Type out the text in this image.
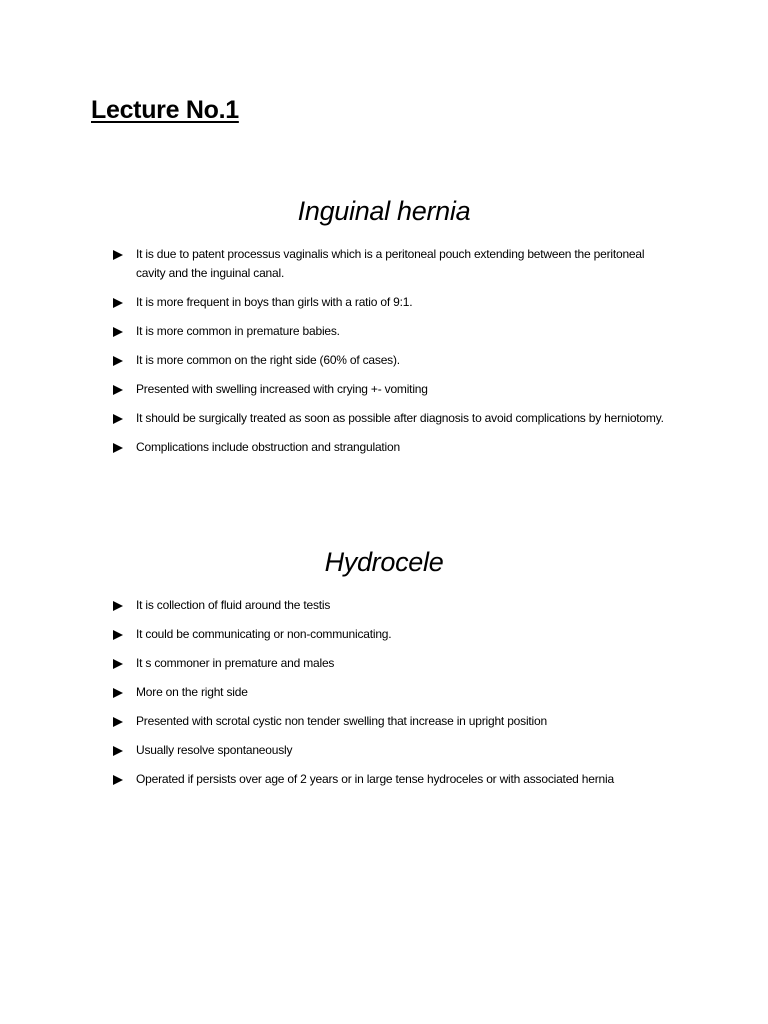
Lecture No.1
Inguinal hernia
It is due to patent processus vaginalis which is a peritoneal pouch extending between the peritoneal cavity and the inguinal canal.
It is more frequent in boys than girls with a ratio of 9:1.
It is more common in premature babies.
It is more common on the right side (60% of cases).
Presented with swelling increased with crying +- vomiting
It should be surgically treated as soon as possible after diagnosis to avoid complications by herniotomy.
Complications include obstruction and strangulation
Hydrocele
It is collection of fluid around the testis
It could be communicating or non-communicating.
It s commoner in premature and males
More on the right side
Presented with scrotal cystic non tender swelling that increase in upright position
Usually resolve spontaneously
Operated if persists over age of 2 years or in large tense hydroceles or with associated hernia
